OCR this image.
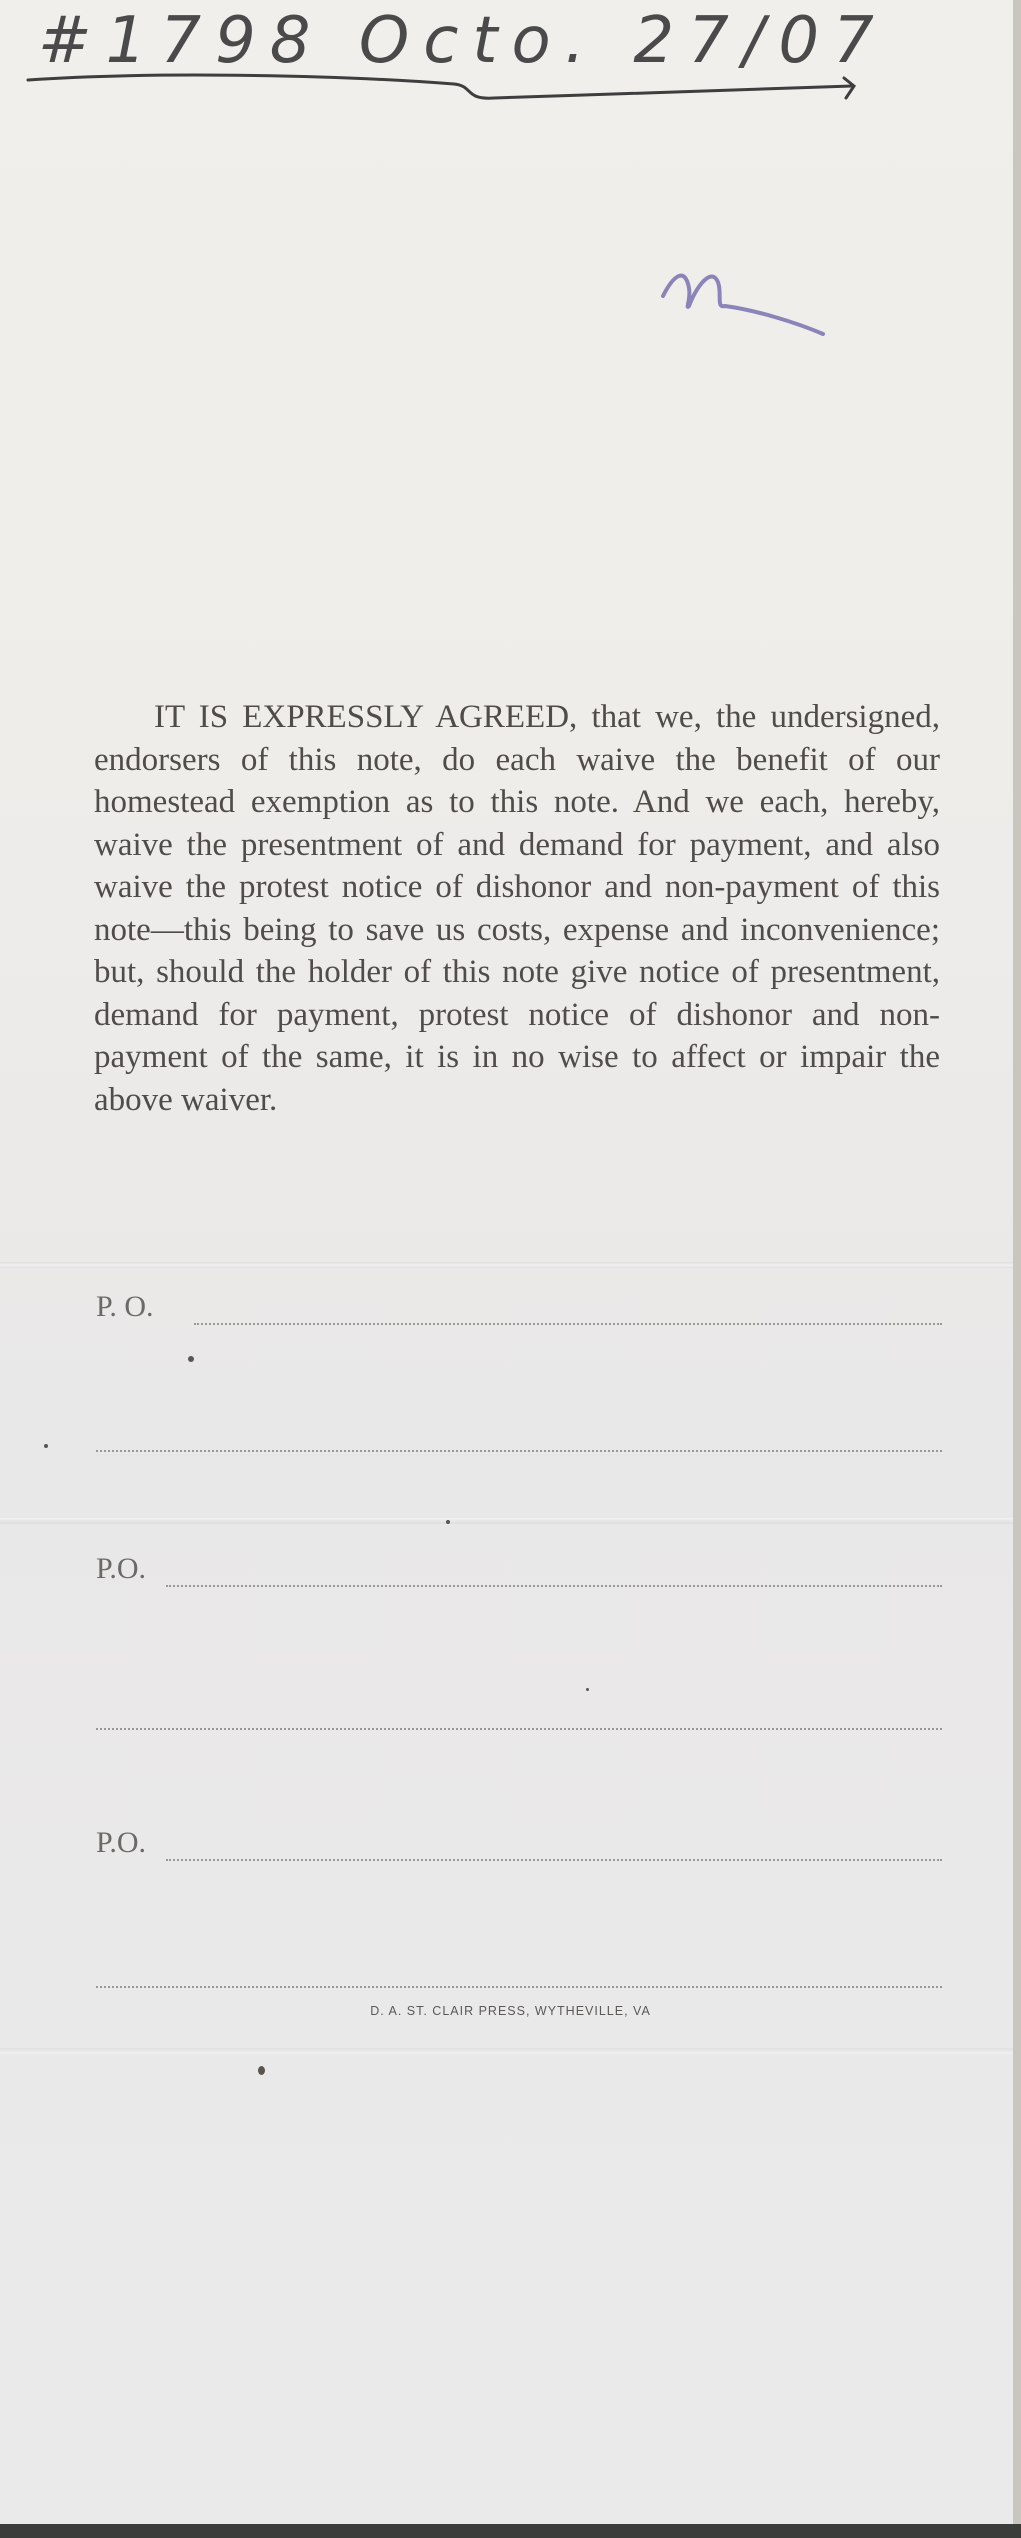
#1798 Octo. 27/07
IT IS EXPRESSLY AGREED, that we, the undersigned, endorsers of this note, do each waive the benefit of our homestead exemption as to this note. And we each, hereby, waive the presentment of and demand for payment, and also waive the protest notice of dishonor and non-payment of this note—this being to save us costs, expense and inconvenience; but, should the holder of this note give notice of presentment, demand for payment, protest notice of dishonor and non-payment of the same, it is in no wise to affect or impair the above waiver.
P. O.
P.O.
P.O.
D. A. ST. CLAIR PRESS, WYTHEVILLE, VA
